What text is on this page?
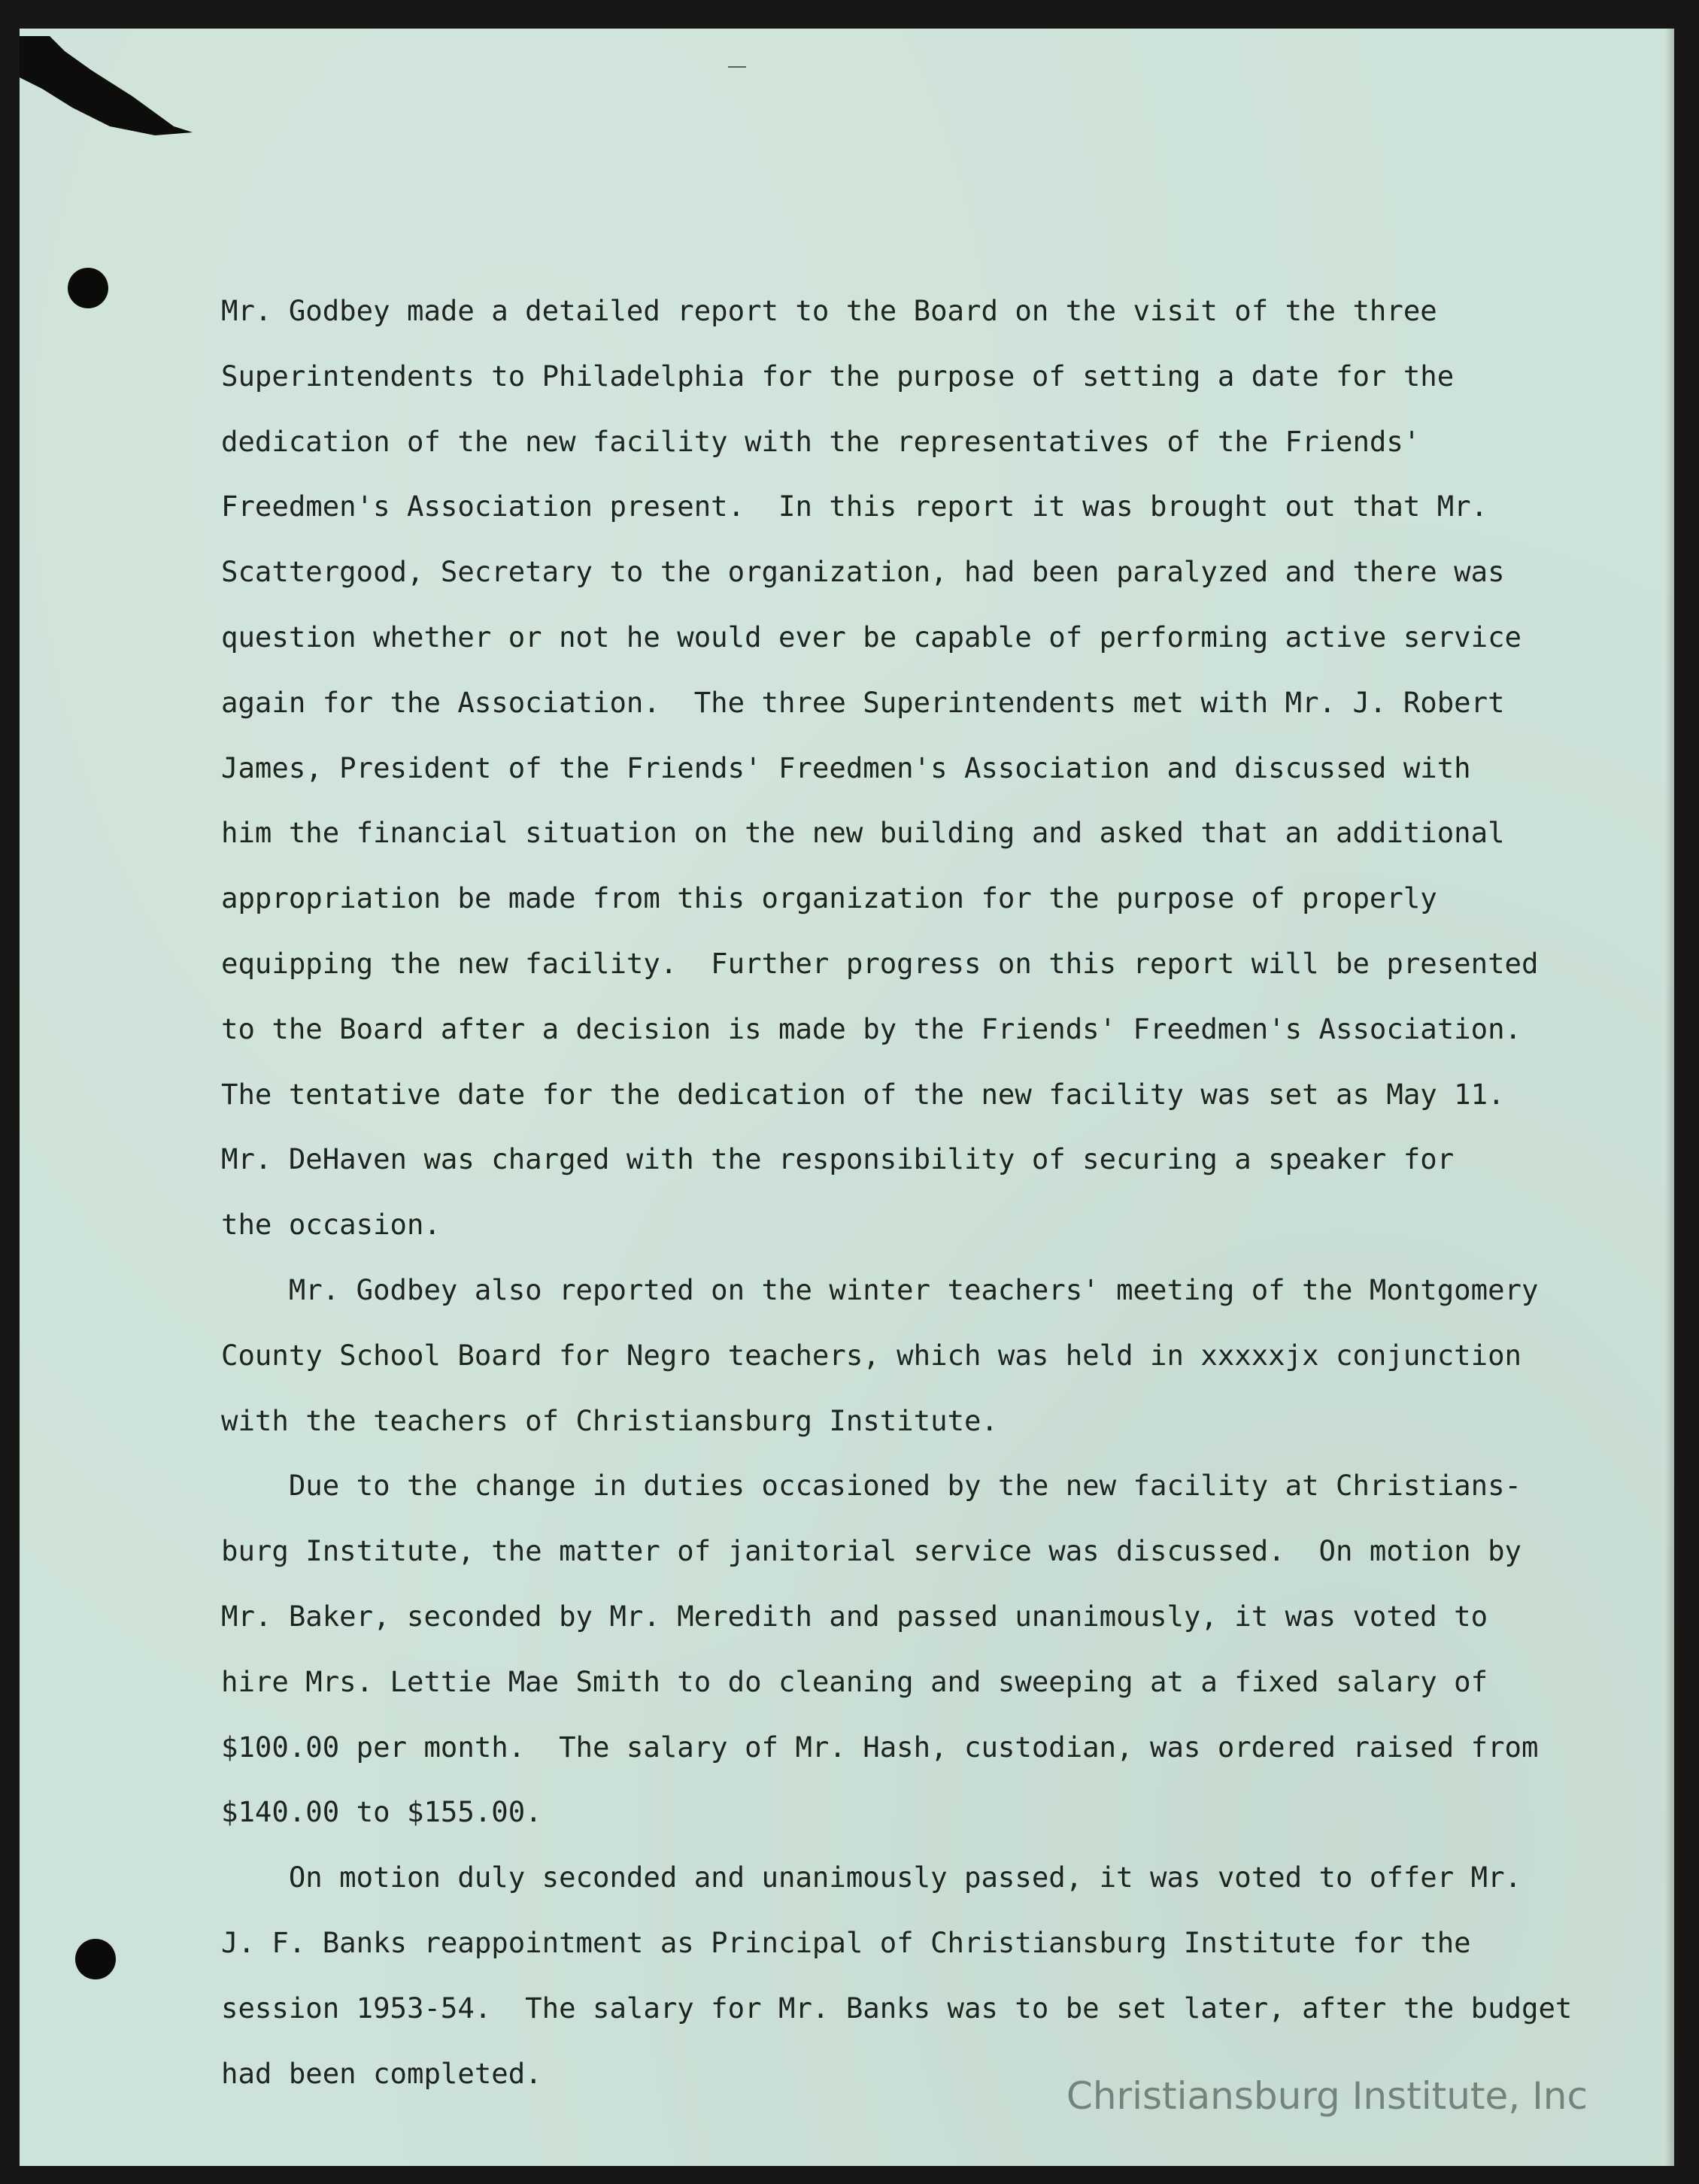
Mr. Godbey made a detailed report to the Board on the visit of the three
Superintendents to Philadelphia for the purpose of setting a date for the
dedication of the new facility with the representatives of the Friends'
Freedmen's Association present.  In this report it was brought out that Mr.
Scattergood, Secretary to the organization, had been paralyzed and there was
question whether or not he would ever be capable of performing active service
again for the Association.  The three Superintendents met with Mr. J. Robert
James, President of the Friends' Freedmen's Association and discussed with
him the financial situation on the new building and asked that an additional
appropriation be made from this organization for the purpose of properly
equipping the new facility.  Further progress on this report will be presented
to the Board after a decision is made by the Friends' Freedmen's Association.
The tentative date for the dedication of the new facility was set as May 11.
Mr. DeHaven was charged with the responsibility of securing a speaker for
the occasion.
Mr. Godbey also reported on the winter teachers' meeting of the Montgomery
County School Board for Negro teachers, which was held in xxxxxjx conjunction
with the teachers of Christiansburg Institute.
Due to the change in duties occasioned by the new facility at Christians-
burg Institute, the matter of janitorial service was discussed.  On motion by
Mr. Baker, seconded by Mr. Meredith and passed unanimously, it was voted to
hire Mrs. Lettie Mae Smith to do cleaning and sweeping at a fixed salary of
$100.00 per month.  The salary of Mr. Hash, custodian, was ordered raised from
$140.00 to $155.00.
On motion duly seconded and unanimously passed, it was voted to offer Mr.
J. F. Banks reappointment as Principal of Christiansburg Institute for the
session 1953-54.  The salary for Mr. Banks was to be set later, after the budget
had been completed.
Christiansburg Institute, Inc
